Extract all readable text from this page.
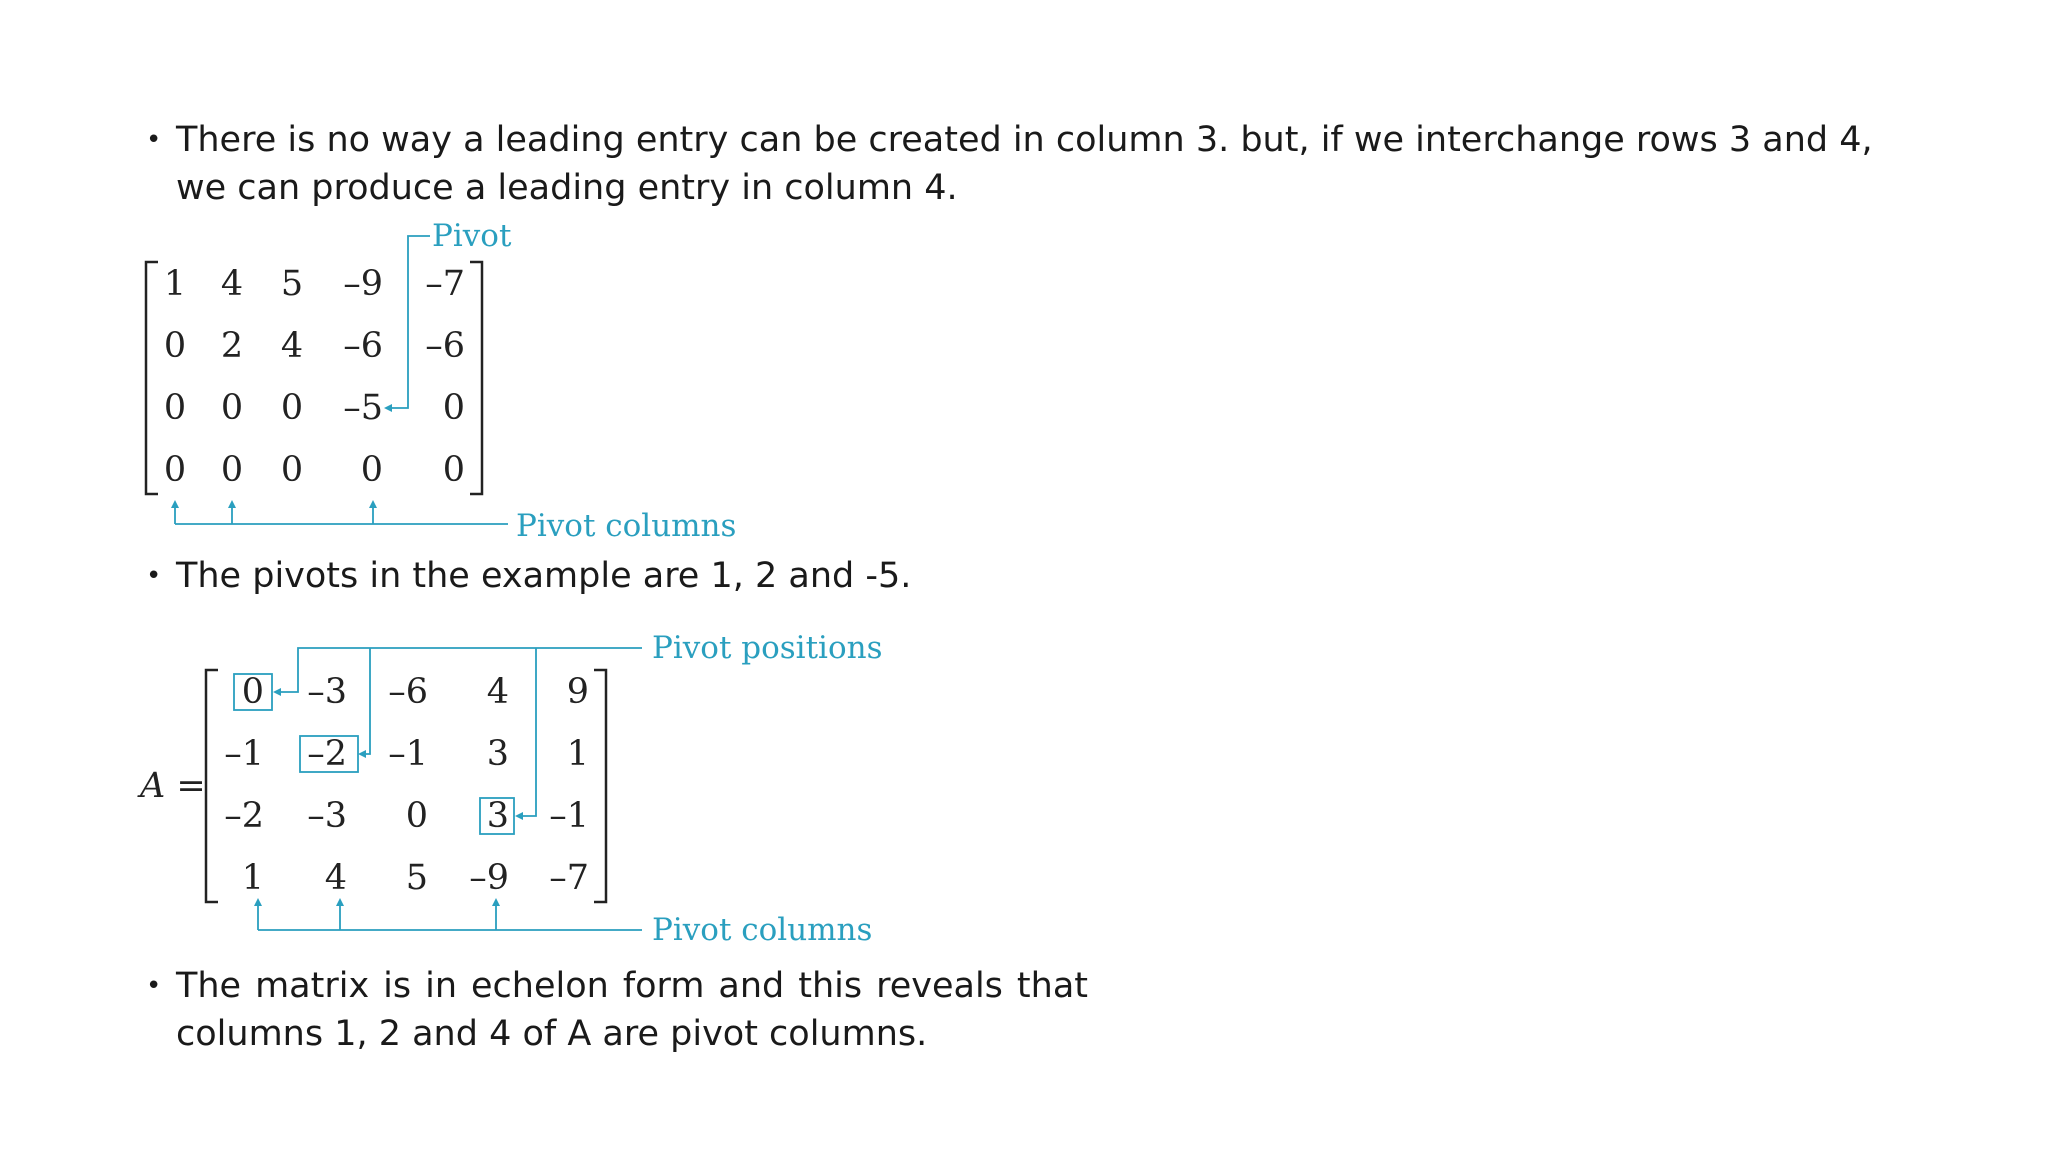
• There is no way a leading entry can be created in column 3. but, if we interchange rows 3 and 4, we can produce a leading entry in column 4.
• The pivots in the example are 1, 2 and -5.
• The matrix is in echelon form and this reveals that columns 1, 2 and 4 of A are pivot columns.
1 4 5 –9 –7
0 2 4 –6 –6
0 0 0 –5 0
0 0 0 0 0
Pivot
Pivot columns
A =
0 –3 –6 4 9
–1 –2 –1 3 1
–2 –3 0 3 –1
1 4 5 –9 –7
Pivot positions
Pivot columns
